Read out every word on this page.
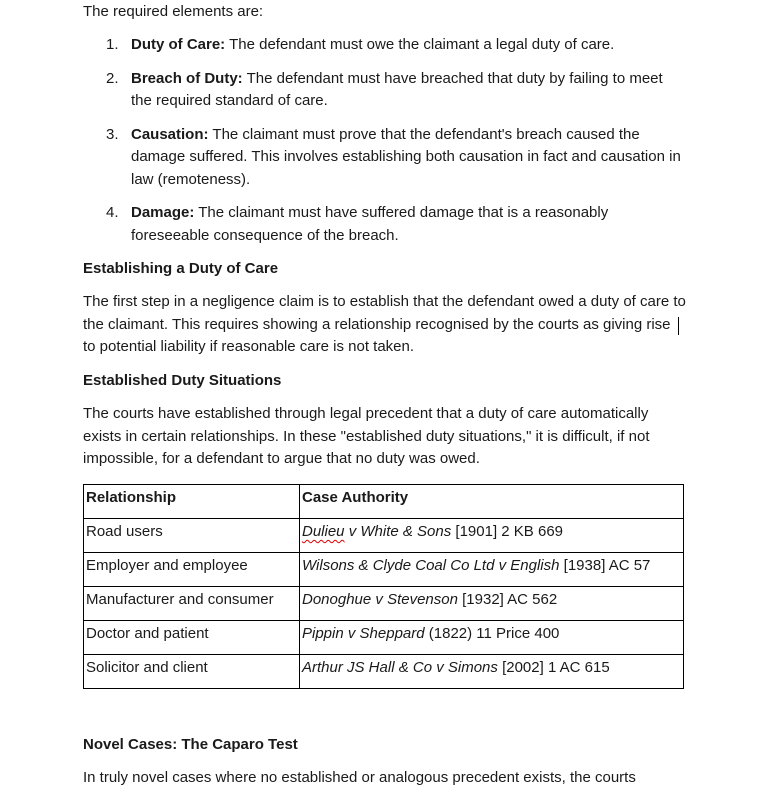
The required elements are:

1. Duty of Care: The defendant must owe the claimant a legal duty of care.
2. Breach of Duty: The defendant must have breached that duty by failing to meet the required standard of care.
3. Causation: The claimant must prove that the defendant's breach caused the damage suffered. This involves establishing both causation in fact and causation in law (remoteness).
4. Damage: The claimant must have suffered damage that is a reasonably foreseeable consequence of the breach.
Establishing a Duty of Care

The first step in a negligence claim is to establish that the defendant owed a duty of care to the claimant. This requires showing a relationship recognised by the courts as giving rise to potential liability if reasonable care is not taken.

Established Duty Situations

The courts have established through legal precedent that a duty of care automatically exists in certain relationships. In these "established duty situations," it is difficult, if not impossible, for a defendant to argue that no duty was owed.

Relationship	Case Authority
Road users	Dulieu v White & Sons [1901] 2 KB 669
Employer and employee	Wilsons & Clyde Coal Co Ltd v English [1938] AC 57
Manufacturer and consumer	Donoghue v Stevenson [1932] AC 562
Doctor and patient	Pippin v Sheppard (1822) 11 Price 400
Solicitor and client	Arthur JS Hall & Co v Simons [2002] 1 AC 615
Novel Cases: The Caparo Test

In truly novel cases where no established or analogous precedent exists, the courts
